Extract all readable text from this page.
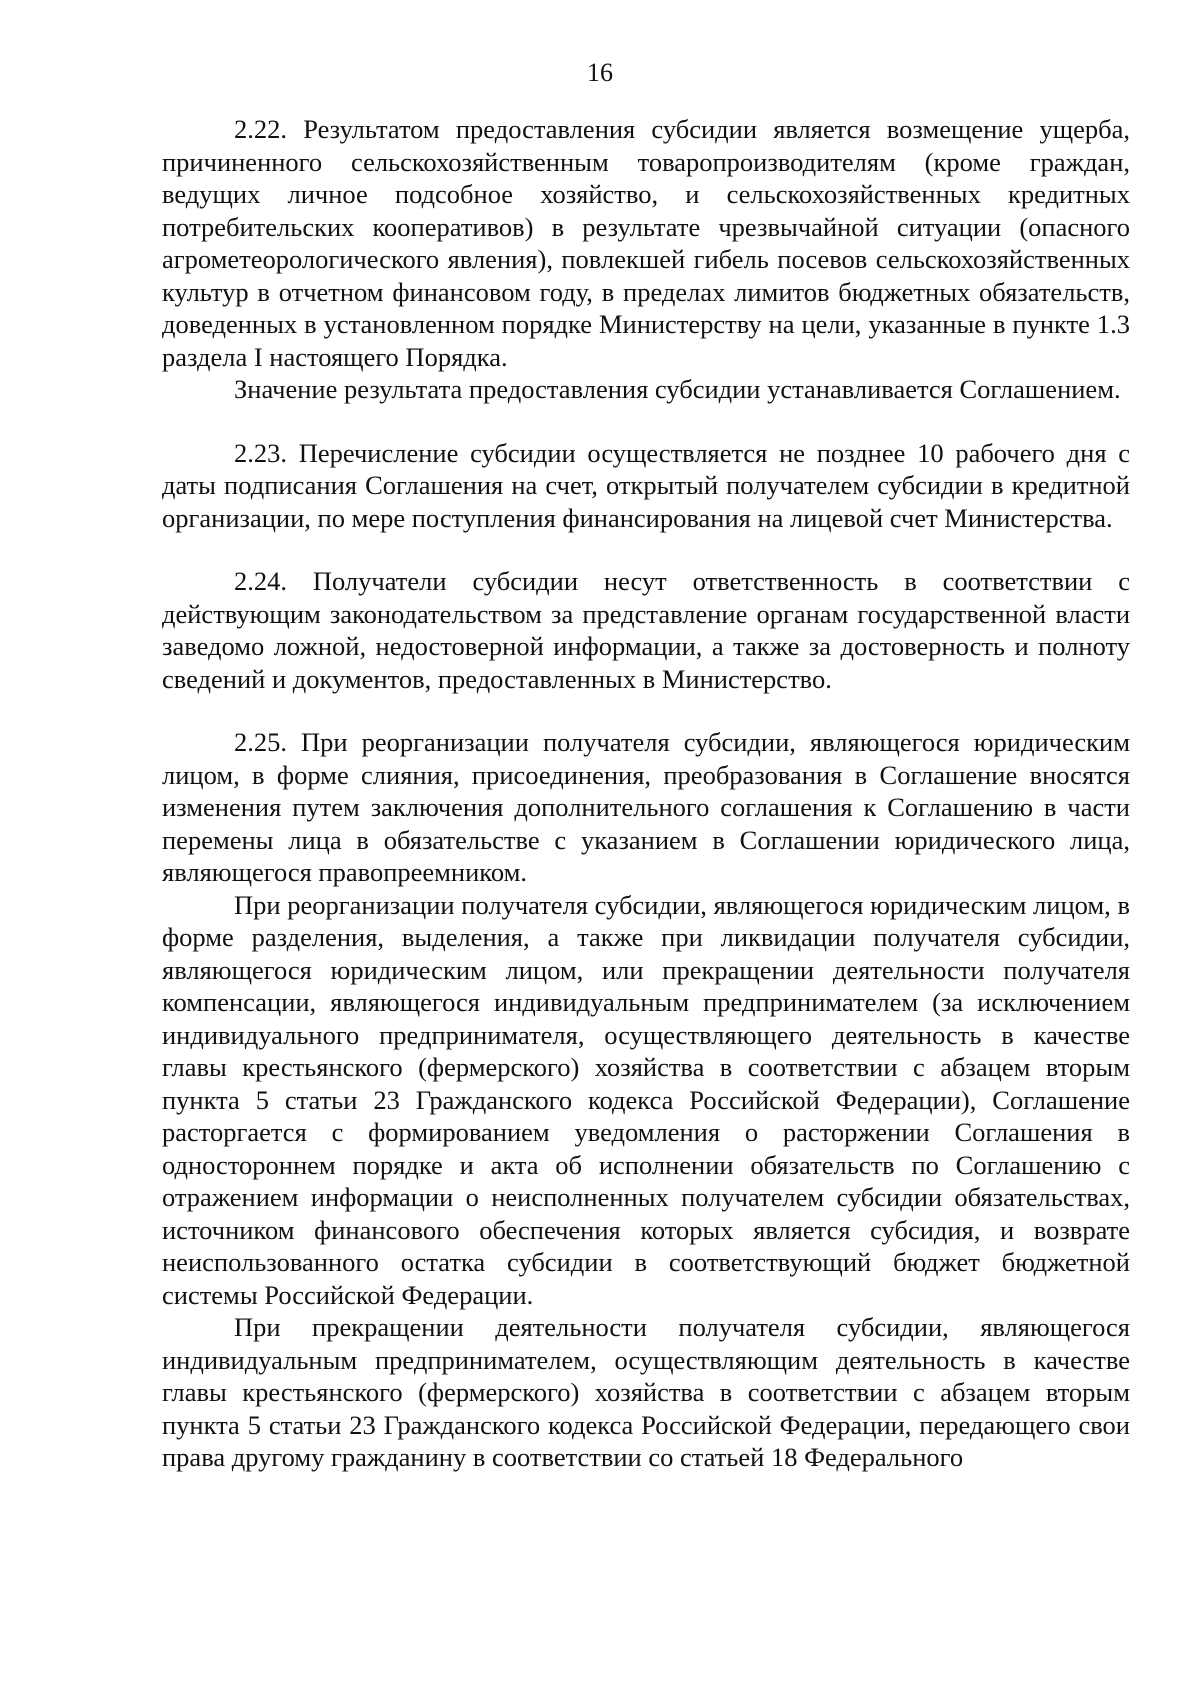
16

2.22. Результатом предоставления субсидии является возмещение ущерба, причиненного сельскохозяйственным товаропроизводителям (кроме граждан, ведущих личное подсобное хозяйство, и сельскохозяйственных кредитных потребительских кооперативов) в результате чрезвычайной ситуации (опасного агрометеорологического явления), повлекшей гибель посевов сельскохозяйственных культур в отчетном финансовом году, в пределах лимитов бюджетных обязательств, доведенных в установленном порядке Министерству на цели, указанные в пункте 1.3 раздела I настоящего Порядка.

Значение результата предоставления субсидии устанавливается Соглашением.

2.23. Перечисление субсидии осуществляется не позднее 10 рабочего дня с даты подписания Соглашения на счет, открытый получателем субсидии в кредитной организации, по мере поступления финансирования на лицевой счет Министерства.

2.24. Получатели субсидии несут ответственность в соответствии с действующим законодательством за представление органам государственной власти заведомо ложной, недостоверной информации, а также за достоверность и полноту сведений и документов, предоставленных в Министерство.

2.25. При реорганизации получателя субсидии, являющегося юридическим лицом, в форме слияния, присоединения, преобразования в Соглашение вносятся изменения путем заключения дополнительного соглашения к Соглашению в части перемены лица в обязательстве с указанием в Соглашении юридического лица, являющегося правопреемником.

При реорганизации получателя субсидии, являющегося юридическим лицом, в форме разделения, выделения, а также при ликвидации получателя субсидии, являющегося юридическим лицом, или прекращении деятельности получателя компенсации, являющегося индивидуальным предпринимателем (за исключением индивидуального предпринимателя, осуществляющего деятельность в качестве главы крестьянского (фермерского) хозяйства в соответствии с абзацем вторым пункта 5 статьи 23 Гражданского кодекса Российской Федерации), Соглашение расторгается с формированием уведомления о расторжении Соглашения в одностороннем порядке и акта об исполнении обязательств по Соглашению с отражением информации о неисполненных получателем субсидии обязательствах, источником финансового обеспечения которых является субсидия, и возврате неиспользованного остатка субсидии в соответствующий бюджет бюджетной системы Российской Федерации.

При прекращении деятельности получателя субсидии, являющегося индивидуальным предпринимателем, осуществляющим деятельность в качестве главы крестьянского (фермерского) хозяйства в соответствии с абзацем вторым пункта 5 статьи 23 Гражданского кодекса Российской Федерации, передающего свои права другому гражданину в соответствии со статьей 18 Федерального
